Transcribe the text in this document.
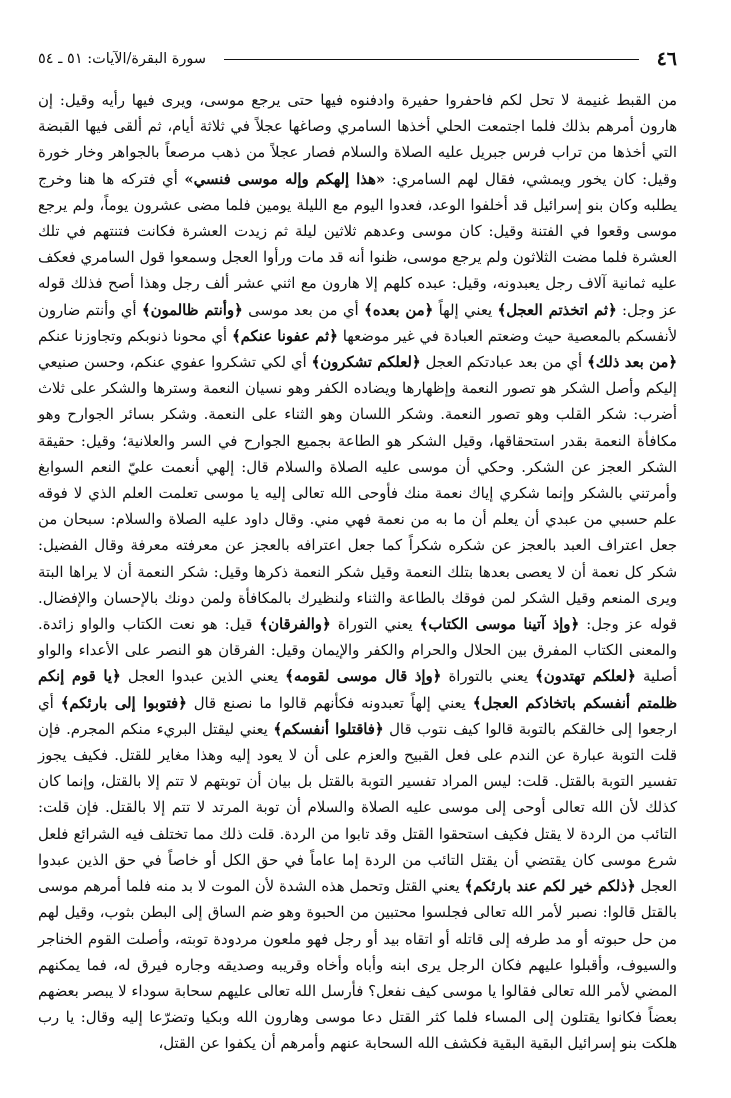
٤٦
سورة البقرة/الآيات: ٥١ ـ ٥٤

من القبط غنيمة لا تحل لكم فاحفروا حفيرة وادفنوه فيها حتى يرجع موسى، ويرى فيها رأيه وقيل: إن هارون أمرهم بذلك فلما اجتمعت الحلي أخذها السامري وصاغها عجلاً في ثلاثة أيام، ثم ألقى فيها القبضة التي أخذها من تراب فرس جبريل عليه الصلاة والسلام فصار عجلاً من ذهب مرصعاً بالجواهر وخار خورة وقيل: كان يخور ويمشي، فقال لهم السامري: «هذا إلهكم وإله موسى فنسي» أي فتركه ها هنا وخرج يطلبه وكان بنو إسرائيل قد أخلفوا الوعد، فعدوا اليوم مع الليلة يومين فلما مضى عشرون يوماً، ولم يرجع موسى وقعوا في الفتنة وقيل: كان موسى وعدهم ثلاثين ليلة ثم زيدت العشرة فكانت فتنتهم في تلك العشرة فلما مضت الثلاثون ولم يرجع موسى، ظنوا أنه قد مات ورأوا العجل وسمعوا قول السامري فعكف عليه ثمانية آلاف رجل يعبدونه، وقيل: عبده كلهم إلا هارون مع اثني عشر ألف رجل وهذا أصح فذلك قوله عز وجل: ﴿ثم اتخذتم العجل﴾ يعني إلهاً ﴿من بعده﴾ أي من بعد موسى ﴿وأنتم ظالمون﴾ أي وأنتم ضارون لأنفسكم بالمعصية حيث وضعتم العبادة في غير موضعها ﴿ثم عفونا عنكم﴾ أي محونا ذنوبكم وتجاوزنا عنكم ﴿من بعد ذلك﴾ أي من بعد عبادتكم العجل ﴿لعلكم تشكرون﴾ أي لكي تشكروا عفوي عنكم، وحسن صنيعي إليكم وأصل الشكر هو تصور النعمة وإظهارها ويضاده الكفر وهو نسيان النعمة وسترها والشكر على ثلاث أضرب: شكر القلب وهو تصور النعمة. وشكر اللسان وهو الثناء على النعمة. وشكر بسائر الجوارح وهو مكافأة النعمة بقدر استحقاقها، وقيل الشكر هو الطاعة بجميع الجوارح في السر والعلانية؛ وقيل: حقيقة الشكر العجز عن الشكر. وحكي أن موسى عليه الصلاة والسلام قال: إلهي أنعمت عليّ النعم السوابغ وأمرتني بالشكر وإنما شكري إياك نعمة منك فأوحى الله تعالى إليه يا موسى تعلمت العلم الذي لا فوقه علم حسبي من عبدي أن يعلم أن ما به من نعمة فهي مني. وقال داود عليه الصلاة والسلام: سبحان من جعل اعتراف العبد بالعجز عن شكره شكراً كما جعل اعترافه بالعجز عن معرفته معرفة وقال الفضيل: شكر كل نعمة أن لا يعصى بعدها بتلك النعمة وقيل شكر النعمة ذكرها وقيل: شكر النعمة أن لا يراها البتة ويرى المنعم وقيل الشكر لمن فوقك بالطاعة والثناء ولنظيرك بالمكافأة ولمن دونك بالإحسان والإفضال. قوله عز وجل: ﴿وإذ آتينا موسى الكتاب﴾ يعني التوراة ﴿والفرقان﴾ قيل: هو نعت الكتاب والواو زائدة. والمعنى الكتاب المفرق بين الحلال والحرام والكفر والإيمان وقيل: الفرقان هو النصر على الأعداء والواو أصلية ﴿لعلكم تهتدون﴾ يعني بالتوراة ﴿وإذ قال موسى لقومه﴾ يعني الذين عبدوا العجل ﴿يا قوم إنكم ظلمتم أنفسكم باتخاذكم العجل﴾ يعني إلهاً تعبدونه فكأنهم قالوا ما نصنع قال ﴿فتوبوا إلى بارئكم﴾ أي ارجعوا إلى خالقكم بالتوبة قالوا كيف نتوب قال ﴿فاقتلوا أنفسكم﴾ يعني ليقتل البريء منكم المجرم. فإن قلت التوبة عبارة عن الندم على فعل القبيح والعزم على أن لا يعود إليه وهذا مغاير للقتل. فكيف يجوز تفسير التوبة بالقتل. قلت: ليس المراد تفسير التوبة بالقتل بل بيان أن توبتهم لا تتم إلا بالقتل، وإنما كان كذلك لأن الله تعالى أوحى إلى موسى عليه الصلاة والسلام أن توبة المرتد لا تتم إلا بالقتل. فإن قلت: التائب من الردة لا يقتل فكيف استحقوا القتل وقد تابوا من الردة. قلت ذلك مما تختلف فيه الشرائع فلعل شرع موسى كان يقتضي أن يقتل التائب من الردة إما عاماً في حق الكل أو خاصاً في حق الذين عبدوا العجل ﴿ذلكم خير لكم عند بارئكم﴾ يعني القتل وتحمل هذه الشدة لأن الموت لا بد منه فلما أمرهم موسى بالقتل قالوا: نصبر لأمر الله تعالى فجلسوا محتبين من الحبوة وهو ضم الساق إلى البطن بثوب، وقيل لهم من حل حبوته أو مد طرفه إلى قاتله أو اتقاه بيد أو رجل فهو ملعون مردودة توبته، وأصلت القوم الخناجر والسيوف، وأقبلوا عليهم فكان الرجل يرى ابنه وأباه وأخاه وقريبه وصديقه وجاره فيرق له، فما يمكنهم المضي لأمر الله تعالى فقالوا يا موسى كيف نفعل؟ فأرسل الله تعالى عليهم سحابة سوداء لا يبصر بعضهم بعضاً فكانوا يقتلون إلى المساء فلما كثر القتل دعا موسى وهارون الله وبكيا وتضرّعا إليه وقال: يا رب هلكت بنو إسرائيل البقية البقية فكشف الله السحابة عنهم وأمرهم أن يكفوا عن القتل،
